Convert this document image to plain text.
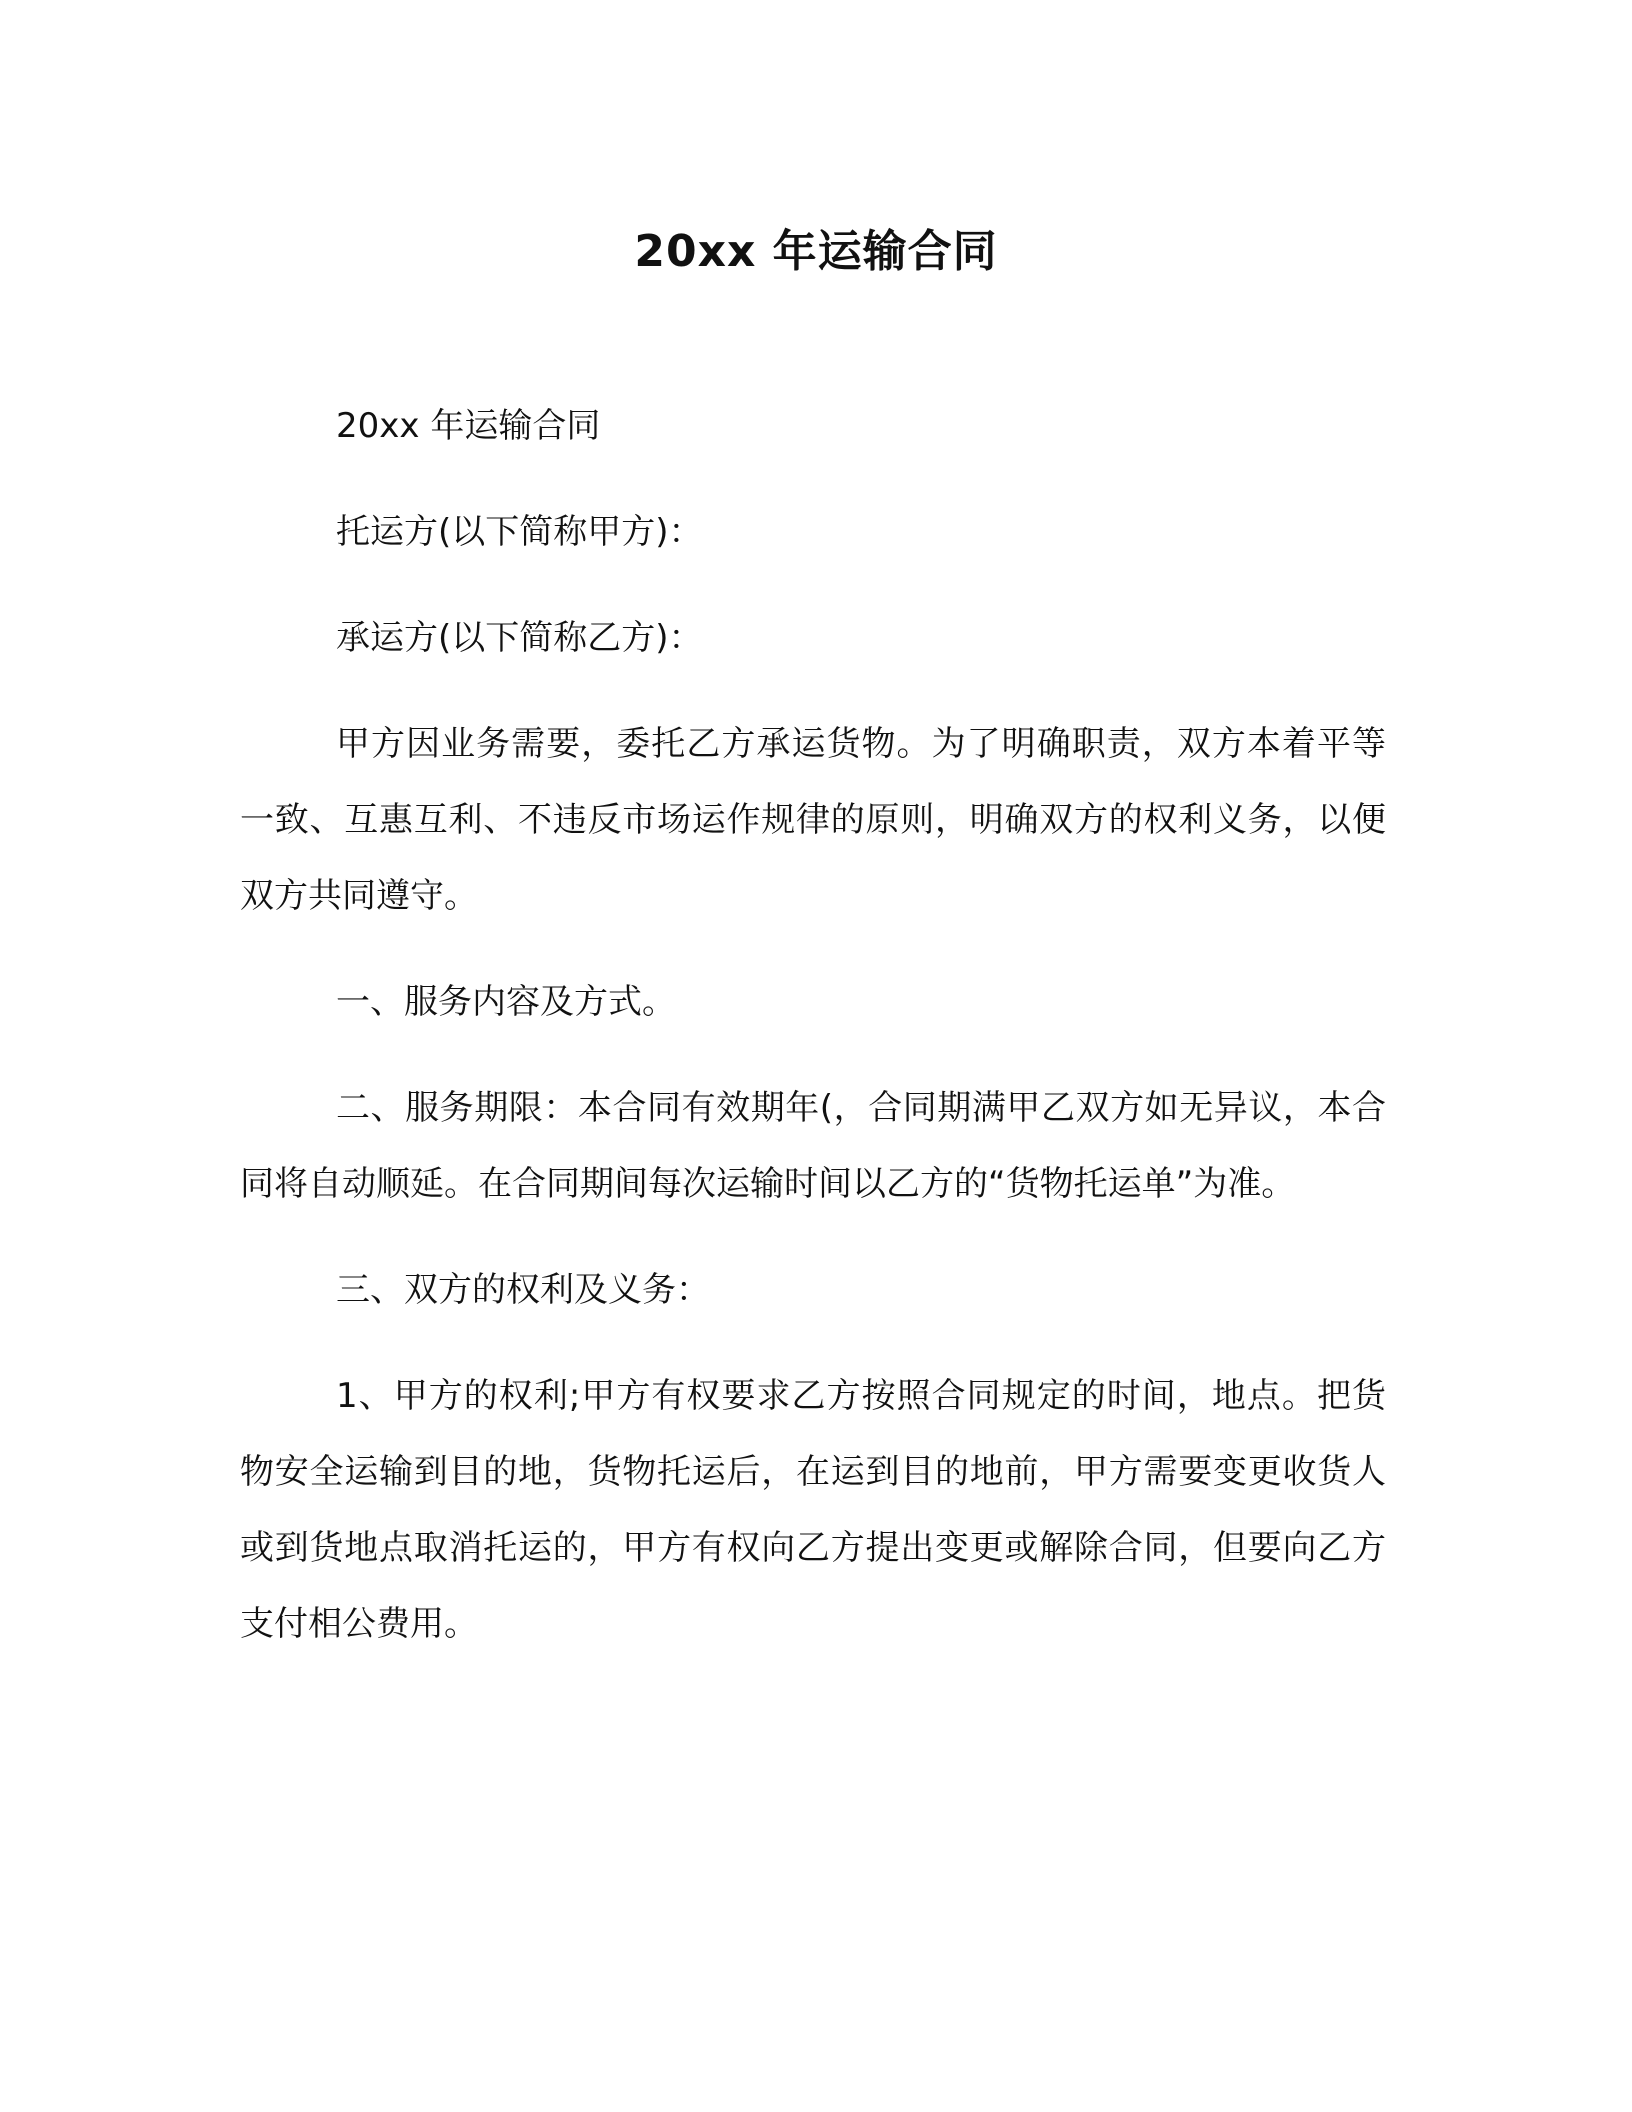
20xx 年运输合同

20xx 年运输合同

托运方(以下简称甲方)：

承运方(以下简称乙方)：

甲方因业务需要，委托乙方承运货物。为了明确职责，双方本着平等一致、互惠互利、不违反市场运作规律的原则，明确双方的权利义务，以便双方共同遵守。

一、服务内容及方式。

二、服务期限：本合同有效期年(，合同期满甲乙双方如无异议，本合同将自动顺延。在合同期间每次运输时间以乙方的“货物托运单”为准。

三、双方的权利及义务：

1、甲方的权利;甲方有权要求乙方按照合同规定的时间，地点。把货物安全运输到目的地，货物托运后，在运到目的地前，甲方需要变更收货人或到货地点取消托运的，甲方有权向乙方提出变更或解除合同，但要向乙方支付相公费用。
